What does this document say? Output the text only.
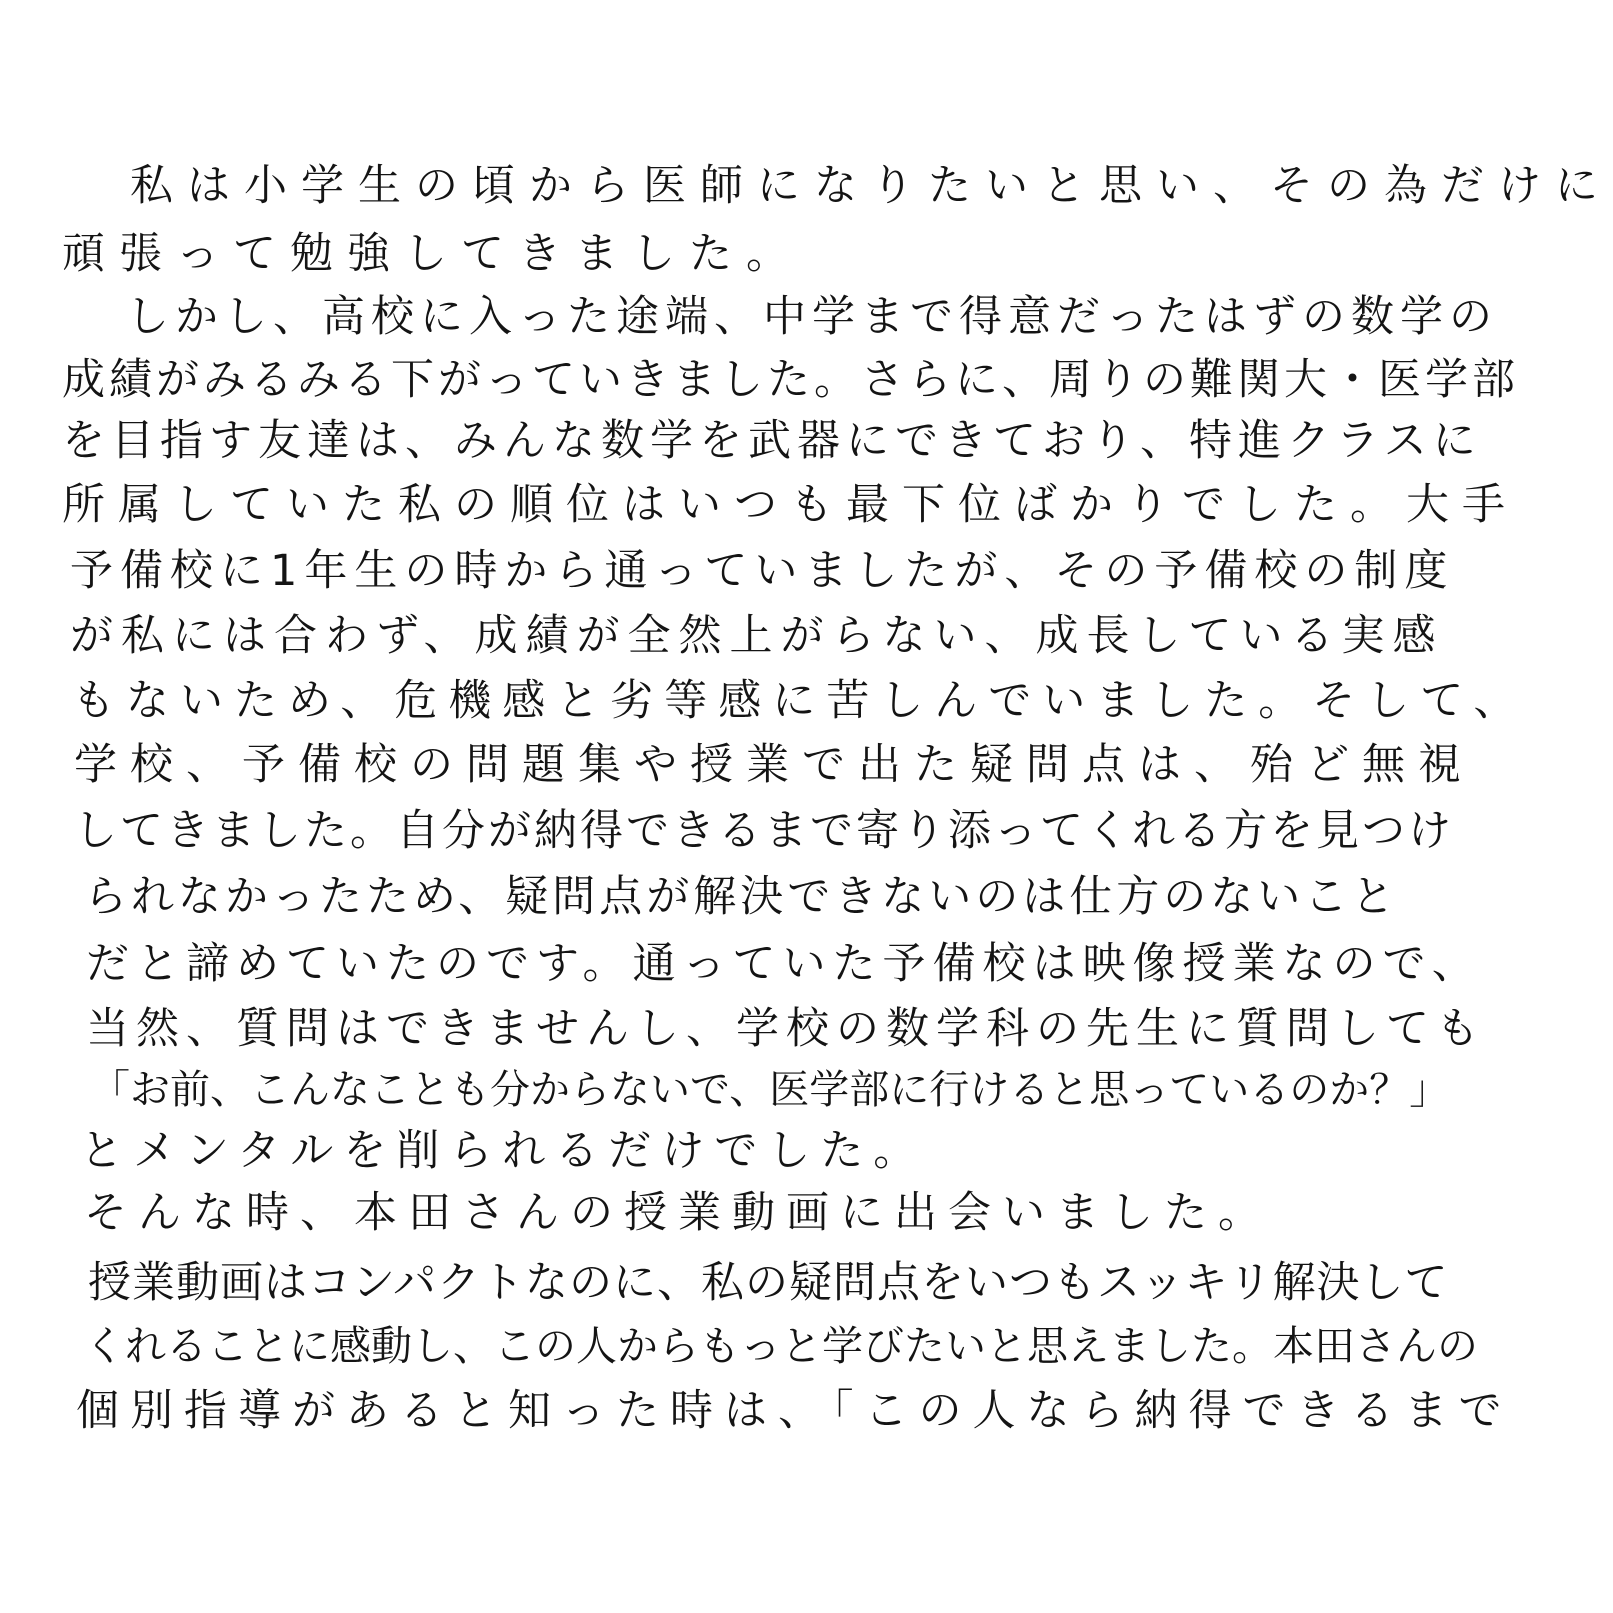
私は小学生の頃から医師になりたいと思い、その為だけに
頑張って勉強してきました。
しかし、高校に入った途端、中学まで得意だったはずの数学の
成績がみるみる下がっていきました。さらに、周りの難関大・医学部
を目指す友達は、みんな数学を武器にできており、特進クラスに
所属していた私の順位はいつも最下位ばかりでした。大手
予備校に1年生の時から通っていましたが、その予備校の制度
が私には合わず、成績が全然上がらない、成長している実感
もないため、危機感と劣等感に苦しんでいました。そして、
学校、予備校の問題集や授業で出た疑問点は、殆ど無視
してきました。自分が納得できるまで寄り添ってくれる方を見つけ
られなかったため、疑問点が解決できないのは仕方のないこと
だと諦めていたのです。通っていた予備校は映像授業なので、
当然、質問はできませんし、学校の数学科の先生に質問しても
「お前、こんなことも分からないで、医学部に行けると思っているのか？」
とメンタルを削られるだけでした。
そんな時、本田さんの授業動画に出会いました。
授業動画はコンパクトなのに、私の疑問点をいつもスッキリ解決して
くれることに感動し、この人からもっと学びたいと思えました。本田さんの
個別指導があると知った時は、「この人なら納得できるまで
